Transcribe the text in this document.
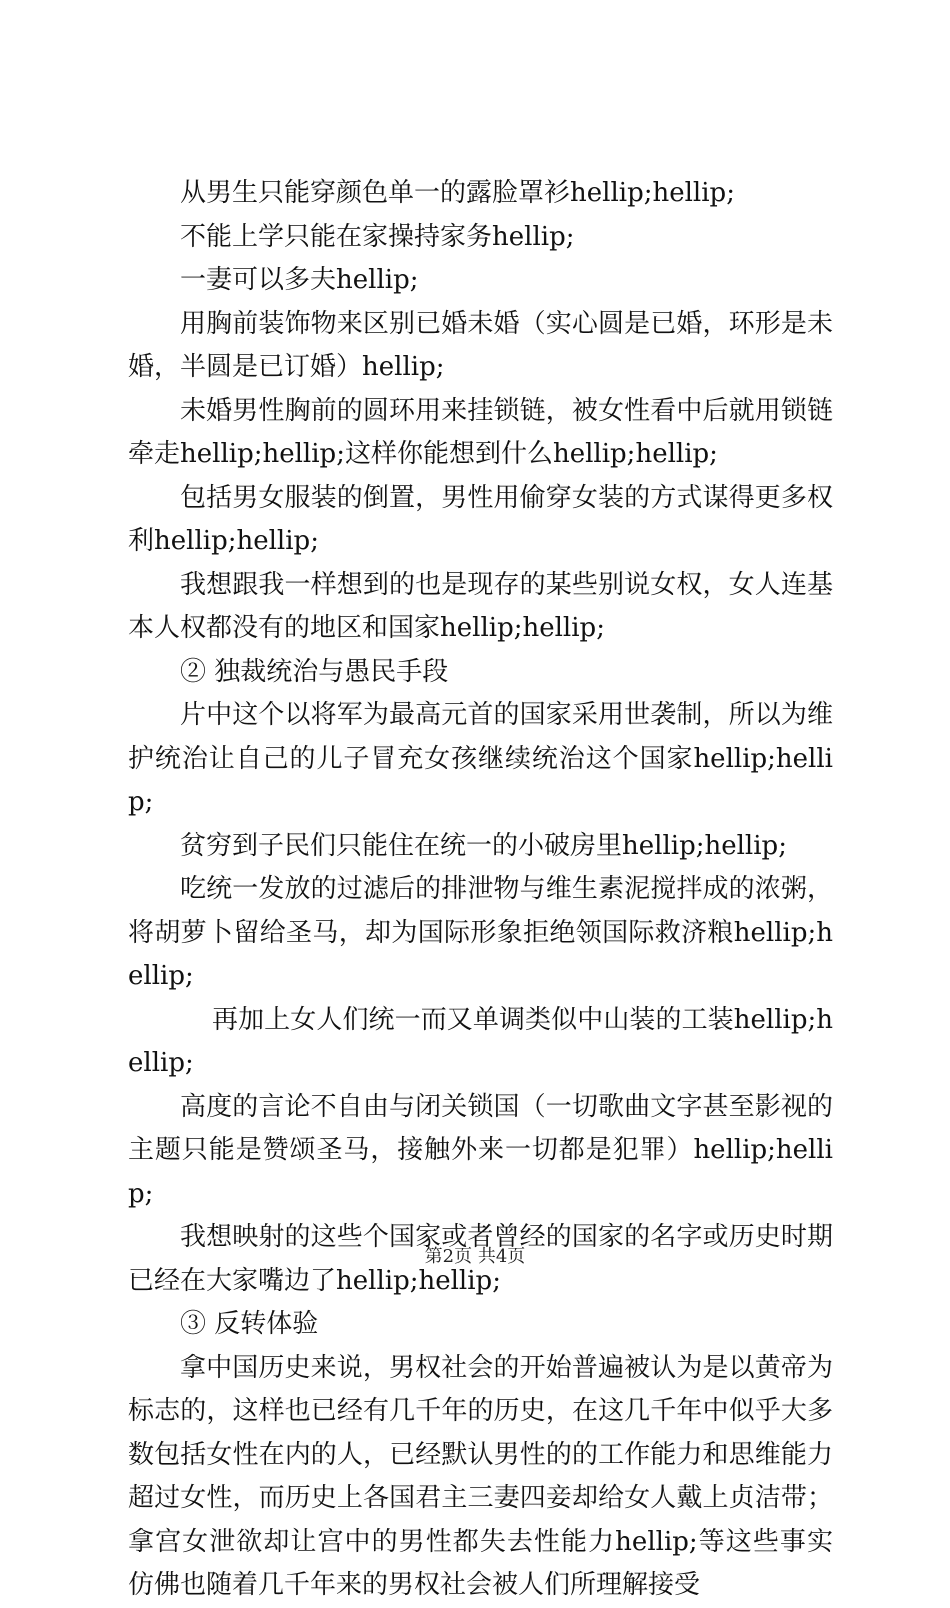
从男生只能穿颜色单一的露脸罩衫hellip;hellip;

不能上学只能在家操持家务hellip;

一妻可以多夫hellip;

用胸前装饰物来区别已婚未婚（实心圆是已婚，环形是未婚，半圆是已订婚）hellip;

未婚男性胸前的圆环用来挂锁链，被女性看中后就用锁链牵走hellip;hellip;这样你能想到什么hellip;hellip;

包括男女服装的倒置，男性用偷穿女装的方式谋得更多权利hellip;hellip;

我想跟我一样想到的也是现存的某些别说女权，女人连基本人权都没有的地区和国家hellip;hellip;

② 独裁统治与愚民手段

片中这个以将军为最高元首的国家采用世袭制，所以为维护统治让自己的儿子冒充女孩继续统治这个国家hellip;hellip;

贫穷到子民们只能住在统一的小破房里hellip;hellip;

吃统一发放的过滤后的排泄物与维生素泥搅拌成的浓粥，将胡萝卜留给圣马，却为国际形象拒绝领国际救济粮hellip;hellip;

再加上女人们统一而又单调类似中山装的工装hellip;hellip;

高度的言论不自由与闭关锁国（一切歌曲文字甚至影视的主题只能是赞颂圣马，接触外来一切都是犯罪）hellip;hellip;

我想映射的这些个国家或者曾经的国家的名字或历史时期已经在大家嘴边了hellip;hellip;

③ 反转体验

拿中国历史来说，男权社会的开始普遍被认为是以黄帝为标志的，这样也已经有几千年的历史，在这几千年中似乎大多数包括女性在内的人，已经默认男性的的工作能力和思维能力超过女性，而历史上各国君主三妻四妾却给女人戴上贞洁带；拿宫女泄欲却让宫中的男性都失去性能力hellip;等这些事实仿佛也随着几千年来的男权社会被人们所理解接受

第2页 共4页
